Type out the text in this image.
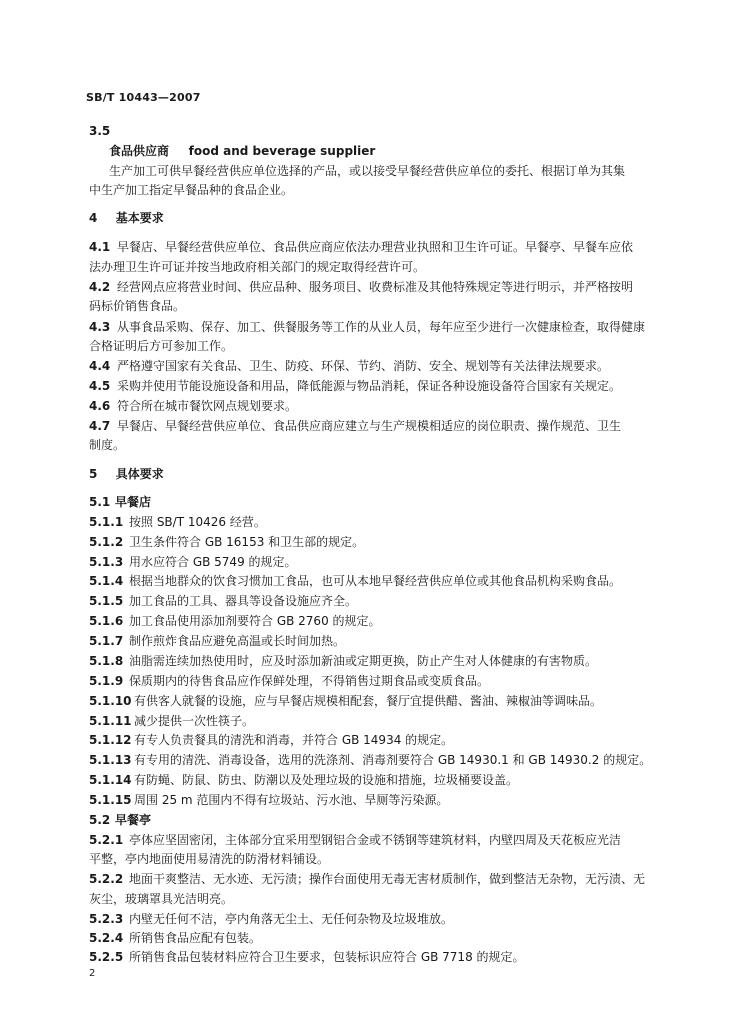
SB/T 10443—2007
3.5
食品供应商 food and beverage supplier
生产加工可供早餐经营供应单位选择的产品，或以接受早餐经营供应单位的委托、根据订单为其集
中生产加工指定早餐品种的食品企业。
4 基本要求
4.1 早餐店、早餐经营供应单位、食品供应商应依法办理营业执照和卫生许可证。早餐亭、早餐车应依
法办理卫生许可证并按当地政府相关部门的规定取得经营许可。
4.2 经营网点应将营业时间、供应品种、服务项目、收费标准及其他特殊规定等进行明示，并严格按明
码标价销售食品。
4.3 从事食品采购、保存、加工、供餐服务等工作的从业人员，每年应至少进行一次健康检查，取得健康
合格证明后方可参加工作。
4.4 严格遵守国家有关食品、卫生、防疫、环保、节约、消防、安全、规划等有关法律法规要求。
4.5 采购并使用节能设施设备和用品，降低能源与物品消耗，保证各种设施设备符合国家有关规定。
4.6 符合所在城市餐饮网点规划要求。
4.7 早餐店、早餐经营供应单位、食品供应商应建立与生产规模相适应的岗位职责、操作规范、卫生
制度。
5 具体要求
5.1 早餐店
5.1.1 按照 SB/T 10426 经营。
5.1.2 卫生条件符合 GB 16153 和卫生部的规定。
5.1.3 用水应符合 GB 5749 的规定。
5.1.4 根据当地群众的饮食习惯加工食品，也可从本地早餐经营供应单位或其他食品机构采购食品。
5.1.5 加工食品的工具、器具等设备设施应齐全。
5.1.6 加工食品使用添加剂要符合 GB 2760 的规定。
5.1.7 制作煎炸食品应避免高温或长时间加热。
5.1.8 油脂需连续加热使用时，应及时添加新油或定期更换，防止产生对人体健康的有害物质。
5.1.9 保质期内的待售食品应作保鲜处理，不得销售过期食品或变质食品。
5.1.10 有供客人就餐的设施，应与早餐店规模相配套，餐厅宜提供醋、酱油、辣椒油等调味品。
5.1.11 减少提供一次性筷子。
5.1.12 有专人负责餐具的清洗和消毒，并符合 GB 14934 的规定。
5.1.13 有专用的清洗、消毒设备，选用的洗涤剂、消毒剂要符合 GB 14930.1 和 GB 14930.2 的规定。
5.1.14 有防蝇、防鼠、防虫、防潮以及处理垃圾的设施和措施，垃圾桶要设盖。
5.1.15 周围 25 m 范围内不得有垃圾站、污水池、旱厕等污染源。
5.2 早餐亭
5.2.1 亭体应坚固密闭，主体部分宜采用型钢铝合金或不锈钢等建筑材料，内壁四周及天花板应光洁
平整，亭内地面使用易清洗的防滑材料铺设。
5.2.2 地面干爽整洁、无水迹、无污渍；操作台面使用无毒无害材质制作，做到整洁无杂物，无污渍、无
灰尘，玻璃罩具光洁明亮。
5.2.3 内壁无任何不洁，亭内角落无尘土、无任何杂物及垃圾堆放。
5.2.4 所销售食品应配有包装。
5.2.5 所销售食品包装材料应符合卫生要求，包装标识应符合 GB 7718 的规定。
2
